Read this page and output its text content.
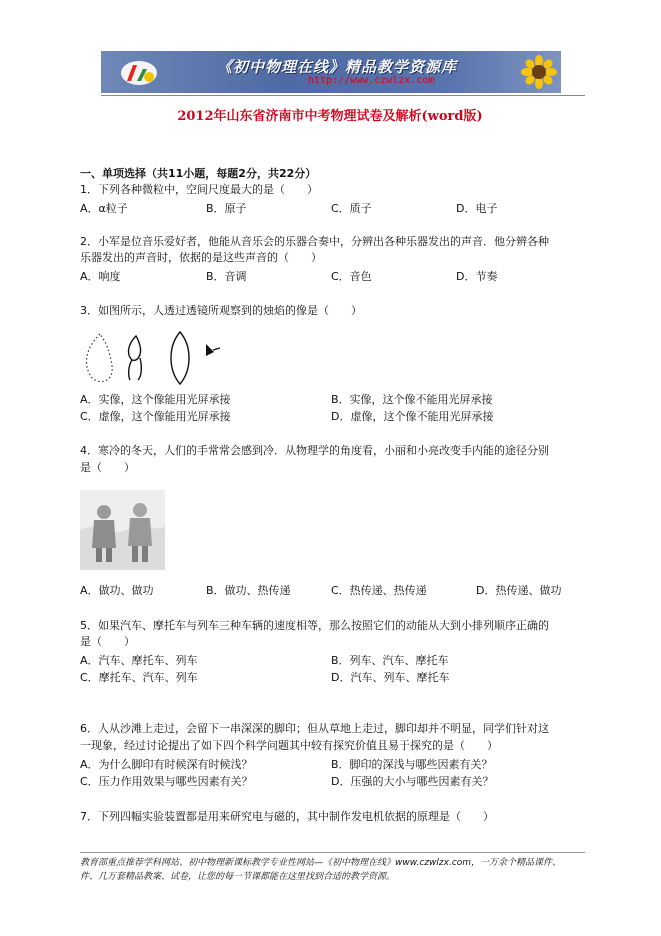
《初中物理在线》精品教学资源库
http://www.czwlzx.com
2012年山东省济南市中考物理试卷及解析(word版)
一、单项选择（共11小题，每题2分，共22分）
1．下列各种微粒中，空间尺度最大的是（　　）
A．α粒子	B．原子	C．质子	D．电子
2．小军是位音乐爱好者，他能从音乐会的乐器合奏中，分辨出各种乐器发出的声音．他分辨各种
乐器发出的声音时，依据的是这些声音的（　　）
A．响度	B．音调	C．音色	D．节奏
3．如图所示，人透过透镜所观察到的烛焰的像是（　　）
A．实像，这个像能用光屏承接	B．实像，这个像不能用光屏承接
C．虚像，这个像能用光屏承接	D．虚像，这个像不能用光屏承接
4．寒冷的冬天，人们的手常常会感到冷．从物理学的角度看，小丽和小亮改变手内能的途径分别
是（　　）
A．做功、做功	B．做功、热传递	C．热传递、热传递	D．热传递、做功
5．如果汽车、摩托车与列车三种车辆的速度相等，那么按照它们的动能从大到小排列顺序正确的
是（　　）
A．汽车、摩托车、列车	B．列车、汽车、摩托车
C．摩托车、汽车、列车	D．汽车、列车、摩托车
6．人从沙滩上走过，会留下一串深深的脚印；但从草地上走过，脚印却并不明显，同学们针对这
一现象，经过讨论提出了如下四个科学问题其中较有探究价值且易于探究的是（　　）
A．为什么脚印有时候深有时候浅？	B．脚印的深浅与哪些因素有关？
C．压力作用效果与哪些因素有关？	D．压强的大小与哪些因素有关？
7．下列四幅实验装置都是用来研究电与磁的，其中制作发电机依据的原理是（　　）
教育部重点推荐学科网站、初中物理新课标教学专业性网站—《初中物理在线》www.czwlzx.com，一万余个精品课件、
件、几万套精品教案、试卷，让您的每一节课都能在这里找到合适的教学资源。
